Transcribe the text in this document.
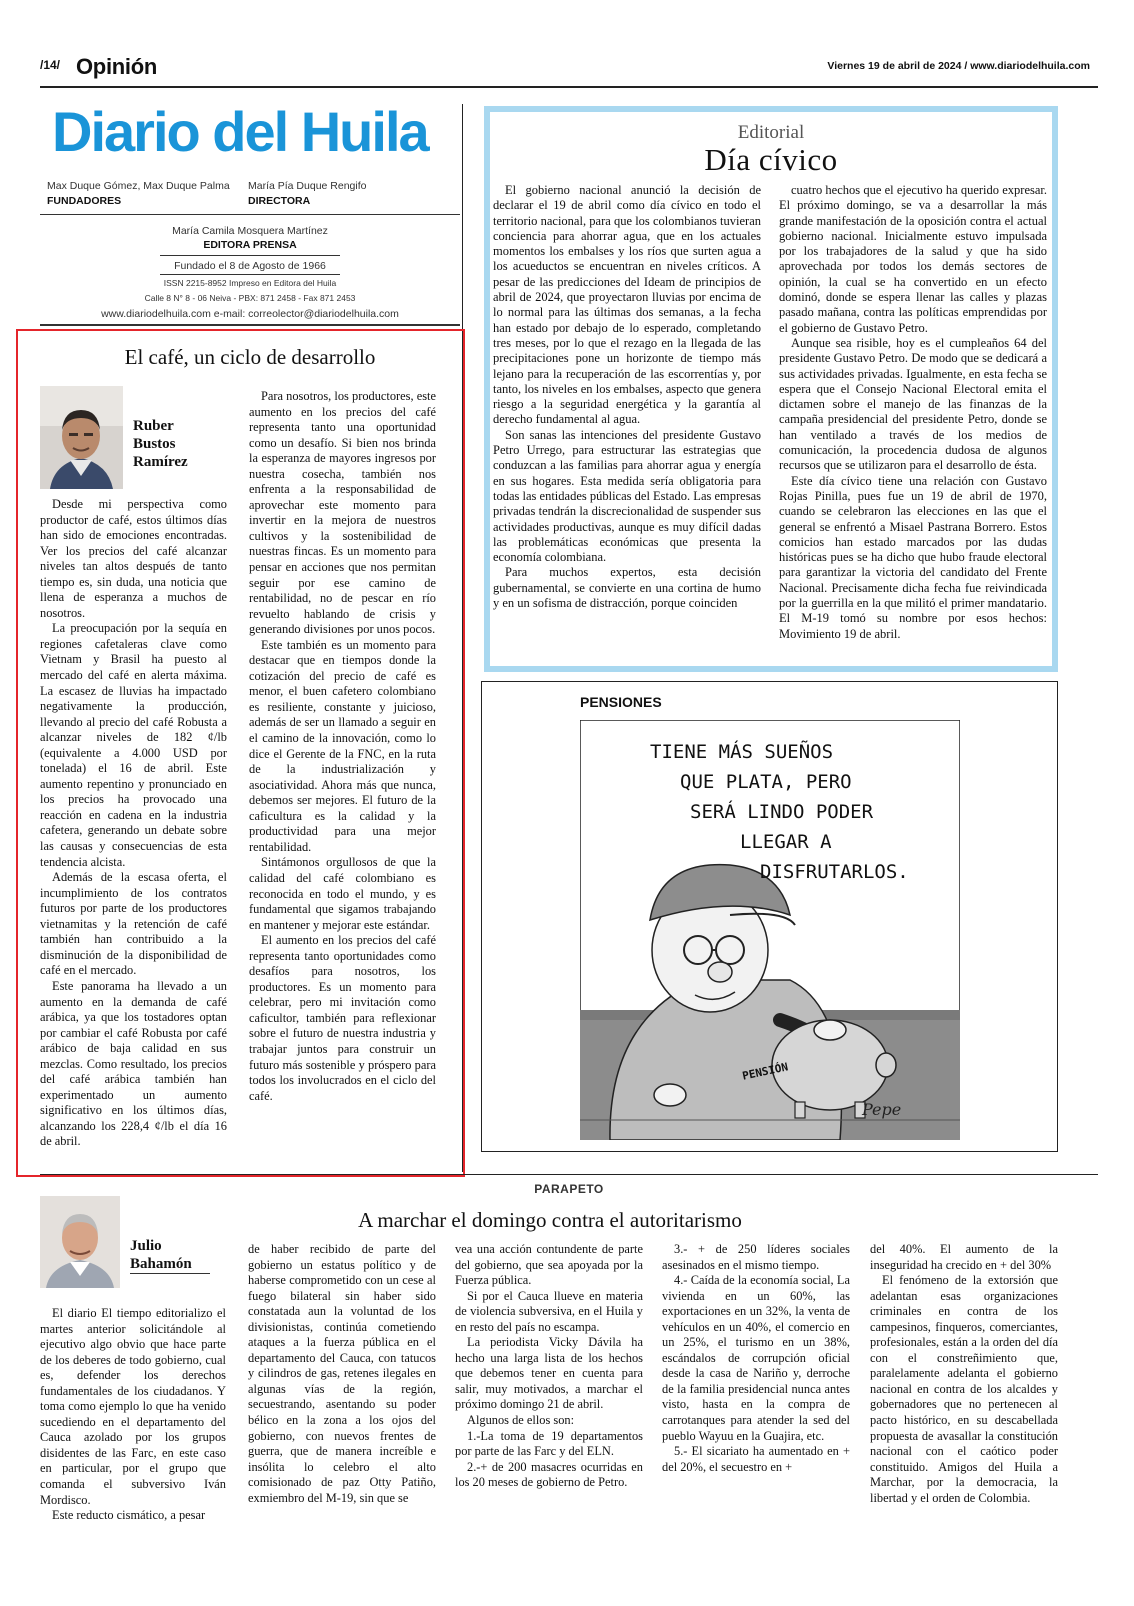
/14/ Opinión	Viernes 19 de abril de 2024 / www.diariodelhuila.com
Diario del Huila
Max Duque Gómez, Max Duque Palma
FUNDADORES
María Pía Duque Rengifo
DIRECTORA
María Camila Mosquera Martínez
EDITORA PRENSA
Fundado el 8 de Agosto de 1966
ISSN 2215-8952 Impreso en Editora del Huila
Calle 8 N° 8 - 06 Neiva - PBX: 871 2458 - Fax 871 2453
www.diariodelhuila.com e-mail: correolector@diariodelhuila.com
El café, un ciclo de desarrollo
Ruber
Bustos
Ramírez

Desde mi perspectiva como productor de café, estos últimos días han sido de emociones encontradas. Ver los precios del café alcanzar niveles tan altos después de tanto tiempo es, sin duda, una noticia que llena de esperanza a muchos de nosotros.

La preocupación por la sequía en regiones cafetaleras clave como Vietnam y Brasil ha puesto al mercado del café en alerta máxima. La escasez de lluvias ha impactado negativamente la producción, llevando al precio del café Robusta a alcanzar niveles de 182 ¢/lb (equivalente a 4.000 USD por tonelada) el 16 de abril. Este aumento repentino y pronunciado en los precios ha provocado una reacción en cadena en la industria cafetera, generando un debate sobre las causas y consecuencias de esta tendencia alcista.

Además de la escasa oferta, el incumplimiento de los contratos futuros por parte de los productores vietnamitas y la retención de café también han contribuido a la disminución de la disponibilidad de café en el mercado.

Este panorama ha llevado a un aumento en la demanda de café arábica, ya que los tostadores optan por cambiar el café Robusta por café arábico de baja calidad en sus mezclas. Como resultado, los precios del café arábica también han experimentado un aumento significativo en los últimos días, alcanzando los 228,4 ¢/lb el día 16 de abril.

Para nosotros, los productores, este aumento en los precios del café representa tanto una oportunidad como un desafío. Si bien nos brinda la esperanza de mayores ingresos por nuestra cosecha, también nos enfrenta a la responsabilidad de aprovechar este momento para invertir en la mejora de nuestros cultivos y la sostenibilidad de nuestras fincas. Es un momento para pensar en acciones que nos permitan seguir por ese camino de rentabilidad, no de pescar en río revuelto hablando de crisis y generando divisiones por unos pocos.

Este también es un momento para destacar que en tiempos donde la cotización del precio de café es menor, el buen cafetero colombiano es resiliente, constante y juicioso, además de ser un llamado a seguir en el camino de la innovación, como lo dice el Gerente de la FNC, en la ruta de la industrialización y asociatividad. Ahora más que nunca, debemos ser mejores. El futuro de la caficultura es la calidad y la productividad para una mejor rentabilidad.

Sintámonos orgullosos de que la calidad del café colombiano es reconocida en todo el mundo, y es fundamental que sigamos trabajando en mantener y mejorar este estándar.

El aumento en los precios del café representa tanto oportunidades como desafíos para nosotros, los productores. Es un momento para celebrar, pero mi invitación como caficultor, también para reflexionar sobre el futuro de nuestra industria y trabajar juntos para construir un futuro más sostenible y próspero para todos los involucrados en el ciclo del café.

Editorial
Día cívico

El gobierno nacional anunció la decisión de declarar el 19 de abril como día cívico en todo el territorio nacional, para que los colombianos tuvieran conciencia para ahorrar agua, que en los actuales momentos los embalses y los ríos que surten agua a los acueductos se encuentran en niveles críticos. A pesar de las predicciones del Ideam de principios de abril de 2024, que proyectaron lluvias por encima de lo normal para las últimas dos semanas, a la fecha han estado por debajo de lo esperado, completando tres meses, por lo que el rezago en la llegada de las precipitaciones pone un horizonte de tiempo más lejano para la recuperación de las escorrentías y, por tanto, los niveles en los embalses, aspecto que genera riesgo a la seguridad energética y la garantía al derecho fundamental al agua.

Son sanas las intenciones del presidente Gustavo Petro Urrego, para estructurar las estrategias que conduzcan a las familias para ahorrar agua y energía en sus hogares. Esta medida sería obligatoria para todas las entidades públicas del Estado. Las empresas privadas tendrán la discrecionalidad de suspender sus actividades productivas, aunque es muy difícil dadas las problemáticas económicas que presenta la economía colombiana.

Para muchos expertos, esta decisión gubernamental, se convierte en una cortina de humo y en un sofisma de distracción, porque coinciden

cuatro hechos que el ejecutivo ha querido expresar. El próximo domingo, se va a desarrollar la más grande manifestación de la oposición contra el actual gobierno nacional. Inicialmente estuvo impulsada por los trabajadores de la salud y que ha sido aprovechada por todos los demás sectores de opinión, la cual se ha convertido en un efecto dominó, donde se espera llenar las calles y plazas pasado mañana, contra las políticas emprendidas por el gobierno de Gustavo Petro.

Aunque sea risible, hoy es el cumpleaños 64 del presidente Gustavo Petro. De modo que se dedicará a sus actividades privadas. Igualmente, en esta fecha se espera que el Consejo Nacional Electoral emita el dictamen sobre el manejo de las finanzas de la campaña presidencial del presidente Petro, donde se han ventilado a través de los medios de comunicación, la procedencia dudosa de algunos recursos que se utilizaron para el desarrollo de ésta.

Este día cívico tiene una relación con Gustavo Rojas Pinilla, pues fue un 19 de abril de 1970, cuando se celebraron las elecciones en las que el general se enfrentó a Misael Pastrana Borrero. Estos comicios han estado marcados por las dudas históricas pues se ha dicho que hubo fraude electoral para garantizar la victoria del candidato del Frente Nacional. Precisamente dicha fecha fue reivindicada por la guerrilla en la que militó el primer mandatario. El M-19 tomó su nombre por esos hechos: Movimiento 19 de abril.

PENSIONES
TIENE MÁS SUEÑOS
QUE PLATA, PERO
SERÁ LINDO PODER
LLEGAR A
DISFRUTARLOS.
PENSIÓN
Pepe
PARAPETO
A marchar el domingo contra el autoritarismo
Julio
Bahamón

El diario El tiempo editorializo el martes anterior solicitándole al ejecutivo algo obvio que hace parte de los deberes de todo gobierno, cual es, defender los derechos fundamentales de los ciudadanos. Y toma como ejemplo lo que ha venido sucediendo en el departamento del Cauca azolado por los grupos disidentes de las Farc, en este caso en particular, por el grupo que comanda el subversivo Iván Mordisco.

Este reducto cismático, a pesar

de haber recibido de parte del gobierno un estatus político y de haberse comprometido con un cese al fuego bilateral sin haber sido constatada aun la voluntad de los divisionistas, continúa cometiendo ataques a la fuerza pública en el departamento del Cauca, con tatucos y cilindros de gas, retenes ilegales en algunas vías de la región, secuestrando, asentando su poder bélico en la zona a los ojos del gobierno, con nuevos frentes de guerra, que de manera increíble e insólita lo celebro el alto comisionado de paz Otty Patiño, exmiembro del M-19, sin que se

vea una acción contundente de parte del gobierno, que sea apoyada por la Fuerza pública.

Si por el Cauca llueve en materia de violencia subversiva, en el Huila y en resto del país no escampa.

La periodista Vicky Dávila ha hecho una larga lista de los hechos que debemos tener en cuenta para salir, muy motivados, a marchar el próximo domingo 21 de abril.

Algunos de ellos son:

1.-La toma de 19 departamentos por parte de las Farc y del ELN.

2.-+ de 200 masacres ocurridas en los 20 meses de gobierno de Petro.

3.- + de 250 líderes sociales asesinados en el mismo tiempo.

4.- Caída de la economía social, La vivienda en un 60%, las exportaciones en un 32%, la venta de vehículos en un 40%, el comercio en un 25%, el turismo en un 38%, escándalos de corrupción oficial desde la casa de Nariño y, derroche de la familia presidencial nunca antes visto, hasta en la compra de carrotanques para atender la sed del pueblo Wayuu en la Guajira, etc.

5.- El sicariato ha aumentado en + del 20%, el secuestro en +

del 40%. El aumento de la inseguridad ha crecido en + del 30%

El fenómeno de la extorsión que adelantan esas organizaciones criminales en contra de los campesinos, finqueros, comerciantes, profesionales, están a la orden del día con el constreñimiento que, paralelamente adelanta el gobierno nacional en contra de los alcaldes y gobernadores que no pertenecen al pacto histórico, en su descabellada propuesta de avasallar la constitución nacional con el caótico poder constituido. Amigos del Huila a Marchar, por la democracia, la libertad y el orden de Colombia.
